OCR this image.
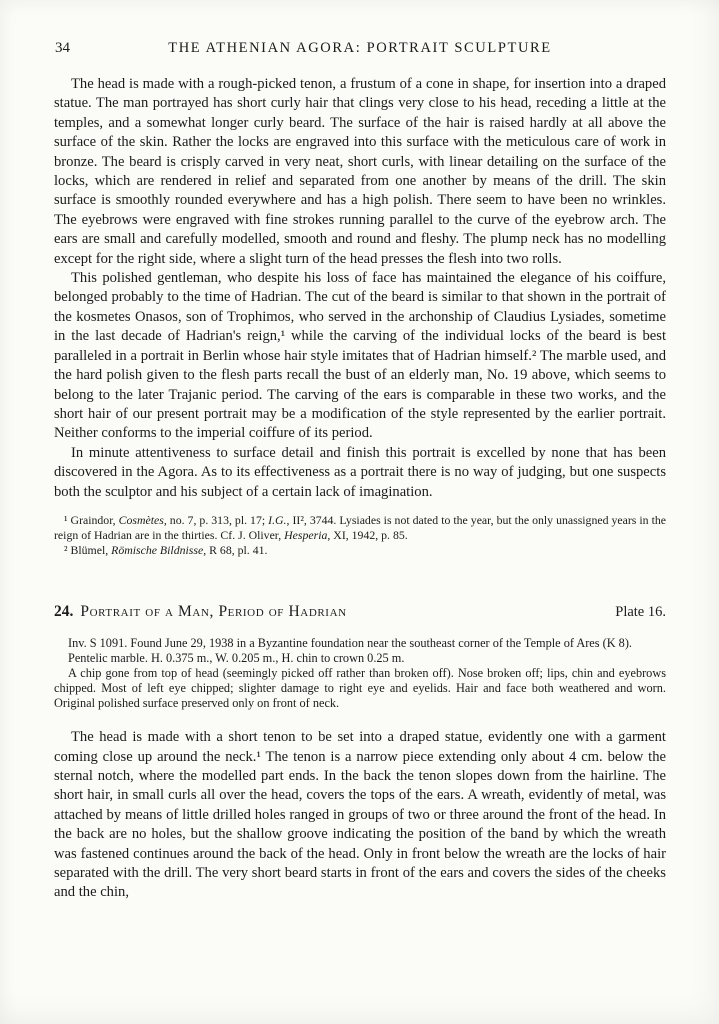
34	THE ATHENIAN AGORA: PORTRAIT SCULPTURE

The head is made with a rough-picked tenon, a frustum of a cone in shape, for insertion into a draped statue. The man portrayed has short curly hair that clings very close to his head, receding a little at the temples, and a somewhat longer curly beard. The surface of the hair is raised hardly at all above the surface of the skin. Rather the locks are engraved into this surface with the meticulous care of work in bronze. The beard is crisply carved in very neat, short curls, with linear detailing on the surface of the locks, which are rendered in relief and separated from one another by means of the drill. The skin surface is smoothly rounded everywhere and has a high polish. There seem to have been no wrinkles. The eyebrows were engraved with fine strokes running parallel to the curve of the eyebrow arch. The ears are small and carefully modelled, smooth and round and fleshy. The plump neck has no modelling except for the right side, where a slight turn of the head presses the flesh into two rolls.

This polished gentleman, who despite his loss of face has maintained the elegance of his coiffure, belonged probably to the time of Hadrian. The cut of the beard is similar to that shown in the portrait of the kosmetes Onasos, son of Trophimos, who served in the archonship of Claudius Lysiades, sometime in the last decade of Hadrian's reign,¹ while the carving of the individual locks of the beard is best paralleled in a portrait in Berlin whose hair style imitates that of Hadrian himself.² The marble used, and the hard polish given to the flesh parts recall the bust of an elderly man, No. 19 above, which seems to belong to the later Trajanic period. The carving of the ears is comparable in these two works, and the short hair of our present portrait may be a modification of the style represented by the earlier portrait. Neither conforms to the imperial coiffure of its period.

In minute attentiveness to surface detail and finish this portrait is excelled by none that has been discovered in the Agora. As to its effectiveness as a portrait there is no way of judging, but one suspects both the sculptor and his subject of a certain lack of imagination.

¹ Graindor, Cosmètes, no. 7, p. 313, pl. 17; I.G., II², 3744. Lysiades is not dated to the year, but the only unassigned years in the reign of Hadrian are in the thirties. Cf. J. Oliver, Hesperia, XI, 1942, p. 85.

² Blümel, Römische Bildnisse, R 68, pl. 41.

24. Portrait of a Man, Period of Hadrian	Plate 16.

Inv. S 1091. Found June 29, 1938 in a Byzantine foundation near the southeast corner of the Temple of Ares (K 8).

Pentelic marble. H. 0.375 m., W. 0.205 m., H. chin to crown 0.25 m.

A chip gone from top of head (seemingly picked off rather than broken off). Nose broken off; lips, chin and eyebrows chipped. Most of left eye chipped; slighter damage to right eye and eyelids. Hair and face both weathered and worn. Original polished surface preserved only on front of neck.

The head is made with a short tenon to be set into a draped statue, evidently one with a garment coming close up around the neck.¹ The tenon is a narrow piece extending only about 4 cm. below the sternal notch, where the modelled part ends. In the back the tenon slopes down from the hairline. The short hair, in small curls all over the head, covers the tops of the ears. A wreath, evidently of metal, was attached by means of little drilled holes ranged in groups of two or three around the front of the head. In the back are no holes, but the shallow groove indicating the position of the band by which the wreath was fastened continues around the back of the head. Only in front below the wreath are the locks of hair separated with the drill. The very short beard starts in front of the ears and covers the sides of the cheeks and the chin,
